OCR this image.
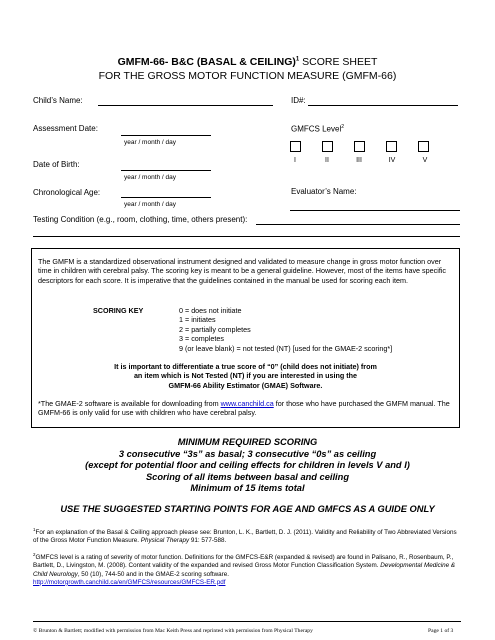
GMFM-66- B&C (BASAL & CEILING)$^1$ SCORE SHEET
FOR THE GROSS MOTOR FUNCTION MEASURE (GMFM-66)
Child’s Name:	ID#:
Assessment Date:
year / month / day
GMFCS Level$^2$
I	II	III	IV	V
Date of Birth:
year / month / day
Chronological Age:
year / month / day
Evaluator’s Name:
Testing Condition (e.g., room, clothing, time, others present):

The GMFM is a standardized observational instrument designed and validated to measure change in gross motor function over time in children with cerebral palsy. The scoring key is meant to be a general guideline. However, most of the items have specific descriptors for each score. It is imperative that the guidelines contained in the manual be used for scoring each item.

SCORING KEY	0 = does not initiate
1 = initiates
2 = partially completes
3 = completes
9 (or leave blank) = not tested (NT) [used for the GMAE-2 scoring*]
It is important to differentiate a true score of “0” (child does not initiate) from
an item which is Not Tested (NT) if you are interested in using the
GMFM-66 Ability Estimator (GMAE) Software.
*The GMAE-2 software is available for downloading from www.canchild.ca for those who have purchased the GMFM manual. The GMFM-66 is only valid for use with children who have cerebral palsy.
MINIMUM REQUIRED SCORING
3 consecutive “3s” as basal; 3 consecutive “0s” as ceiling
(except for potential floor and ceiling effects for children in levels V and I)
Scoring of all items between basal and ceiling
Minimum of 15 items total
USE THE SUGGESTED STARTING POINTS FOR AGE AND GMFCS AS A GUIDE ONLY
$^1$For an explanation of the Basal & Ceiling approach please see: Brunton, L. K., Bartlett, D. J. (2011). Validity and Reliability of Two Abbreviated Versions of the Gross Motor Function Measure. Physical Therapy 91: 577-588.
$^2$GMFCS level is a rating of severity of motor function. Definitions for the GMFCS-E&R (expanded & revised) are found in Palisano, R., Rosenbaum, P., Bartlett, D., Livingston, M. (2008). Content validity of the expanded and revised Gross Motor Function Classification System. Developmental Medicine & Child Neurology, 50 (10), 744-50 and in the GMAE-2 scoring software.
http://motorgrowth.canchild.ca/en/GMFCS/resources/GMFCS-ER.pdf
© Brunton & Bartlett; modified with permission from Mac Keith Press and reprinted with permission from Physical Therapy	Page 1 of 3
